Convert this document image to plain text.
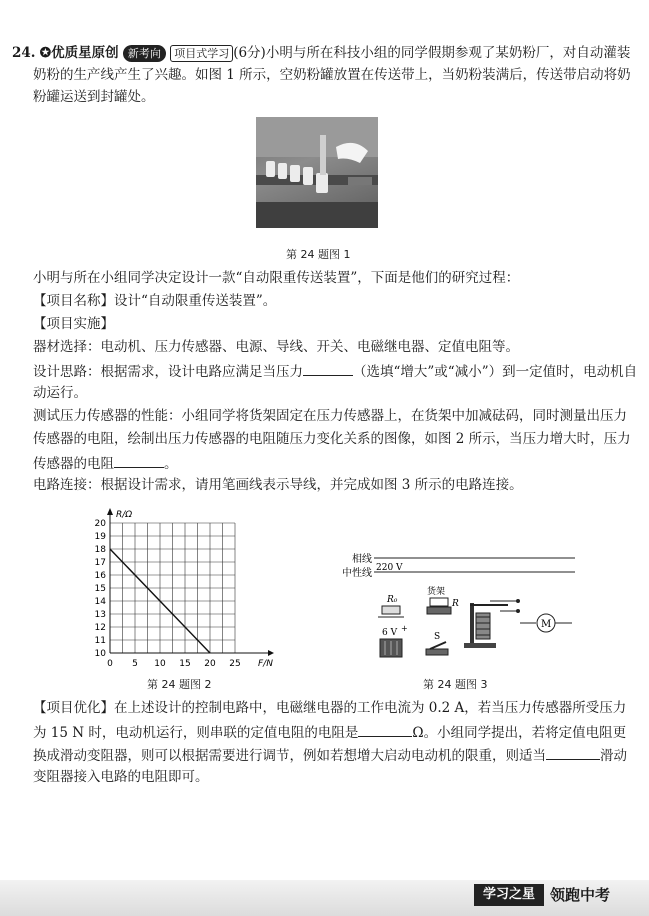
24. ✪优质星原创 新考向 项目式学习 (6分)小明与所在科技小组的同学假期参观了某奶粉厂，对自动灌装
奶粉的生产线产生了兴趣。如图 1 所示，空奶粉罐放置在传送带上，当奶粉装满后，传送带启动将奶
粉罐运送到封罐处。
第 24 题图 1
小明与所在小组同学决定设计一款“自动限重传送装置”，下面是他们的研究过程：
【项目名称】设计“自动限重传送装置”。
【项目实施】
器材选择：电动机、压力传感器、电源、导线、开关、电磁继电器、定值电阻等。
设计思路：根据需求，设计电路应满足当压力	（选填“增大”或“减小”）到一定值时，电动机自
动运行。
测试压力传感器的性能：小组同学将货架固定在压力传感器上，在货架中加减砝码，同时测量出压力
传感器的电阻，绘制出压力传感器的电阻随压力变化关系的图像，如图 2 所示，当压力增大时，压力
传感器的电阻	。
电路连接：根据设计需求，请用笔画线表示导线，并完成如图 3 所示的电路连接。
0 5 10 15 20 25
10
11
12
13
14
15
16
17
18
19
20
F/N
R/Ω
第 24 题图 2
相线
中性线 220 V
R₀
货架
R
M
6 V +
S
第 24 题图 3
【项目优化】在上述设计的控制电路中，电磁继电器的工作电流为 0.2 A，若当压力传感器所受压力
为 15 N 时，电动机运行，则串联的定值电阻的电阻是	Ω。小组同学提出，若将定值电阻更
换成滑动变阻器，则可以根据需要进行调节，例如若想增大启动电动机的限重，则适当	滑动
变阻器接入电路的电阻即可。
学习之星	领跑中考
